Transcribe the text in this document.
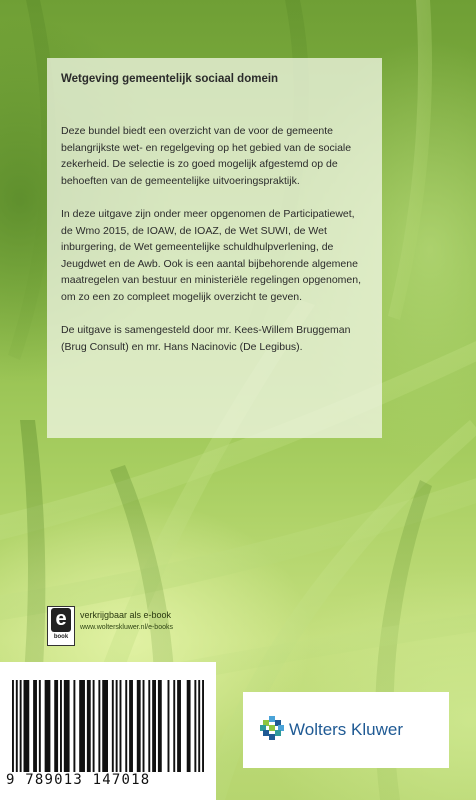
Wetgeving gemeentelijk sociaal domein

Deze bundel biedt een overzicht van de voor de gemeente belangrijkste wet- en regelgeving op het gebied van de sociale zekerheid. De selectie is zo goed mogelijk afgestemd op de behoeften van de gemeentelijke uitvoeringspraktijk.

In deze uitgave zijn onder meer opgenomen de Participatiewet, de Wmo 2015, de IOAW, de IOAZ, de Wet SUWI, de Wet inburgering, de Wet gemeentelijke schuldhulpverlening, de Jeugdwet en de Awb. Ook is een aantal bijbehorende algemene maatregelen van bestuur en ministeriële regelingen opgenomen, om zo een zo compleet mogelijk overzicht te geven.

De uitgave is samengesteld door mr. Kees-Willem Bruggeman (Brug Consult) en mr. Hans Nacinovic (De Legibus).

e
book
verkrijgbaar als e-book
www.wolterskluwer.nl/e-books
9 789013 147018
Wolters Kluwer
